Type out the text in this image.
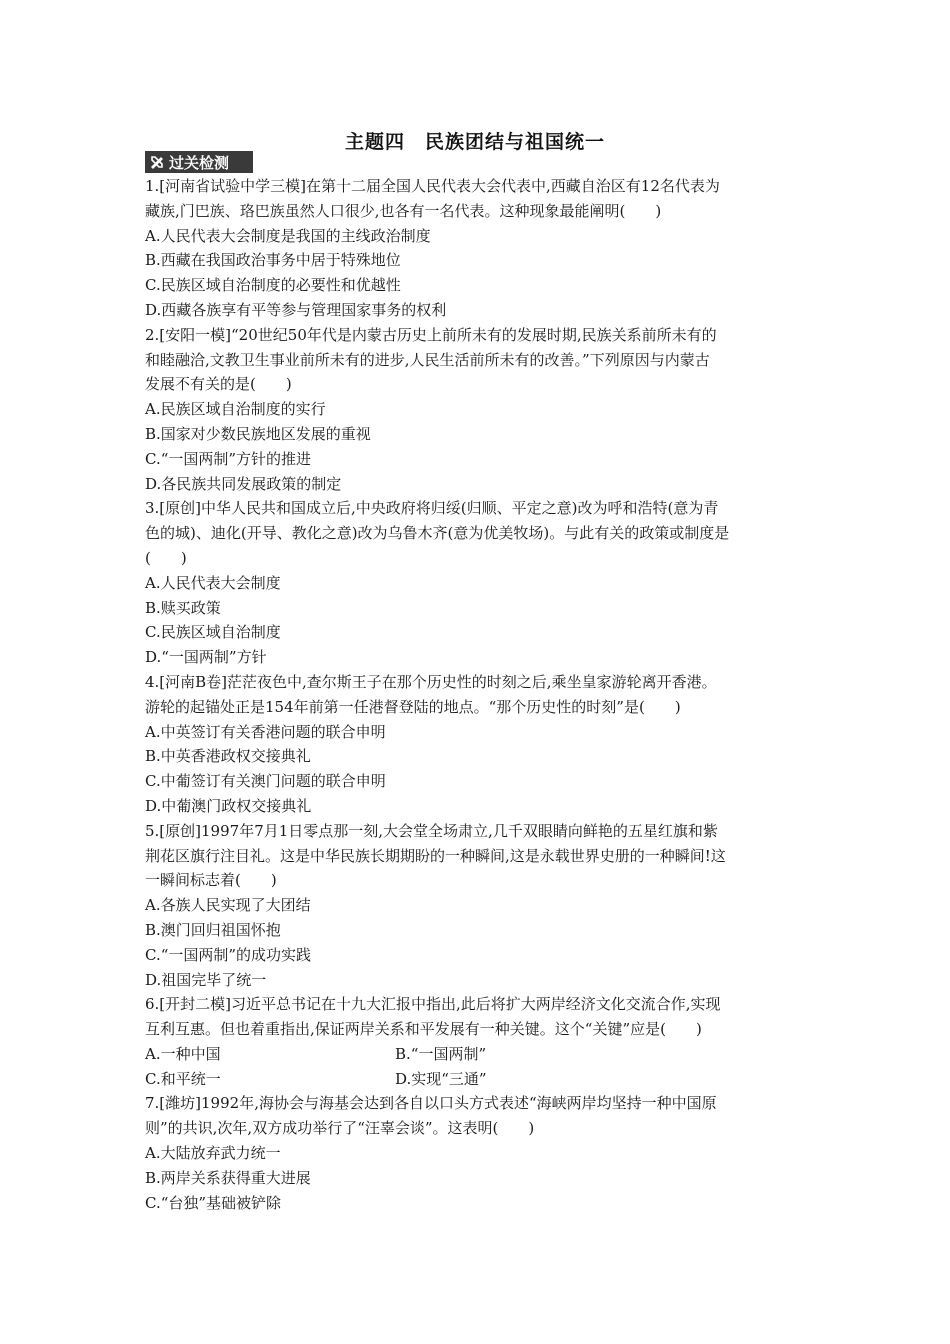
主题四　民族团结与祖国统一
过关检测
1.[河南省试验中学三模]在第十二届全国人民代表大会代表中,西藏自治区有12名代表为
藏族,门巴族、珞巴族虽然人口很少,也各有一名代表。这种现象最能阐明(　　)
A.人民代表大会制度是我国的主线政治制度
B.西藏在我国政治事务中居于特殊地位
C.民族区域自治制度的必要性和优越性
D.西藏各族享有平等参与管理国家事务的权利
2.[安阳一模]“20世纪50年代是内蒙古历史上前所未有的发展时期,民族关系前所未有的
和睦融洽,文教卫生事业前所未有的进步,人民生活前所未有的改善。”下列原因与内蒙古
发展不有关的是(　　)
A.民族区域自治制度的实行
B.国家对少数民族地区发展的重视
C.“一国两制”方针的推进
D.各民族共同发展政策的制定
3.[原创]中华人民共和国成立后,中央政府将归绥(归顺、平定之意)改为呼和浩特(意为青
色的城)、迪化(开导、教化之意)改为乌鲁木齐(意为优美牧场)。与此有关的政策或制度是
(　　)
A.人民代表大会制度
B.赎买政策
C.民族区域自治制度
D.“一国两制”方针
4.[河南B卷]茫茫夜色中,查尔斯王子在那个历史性的时刻之后,乘坐皇家游轮离开香港。
游轮的起锚处正是154年前第一任港督登陆的地点。“那个历史性的时刻”是(　　)
A.中英签订有关香港问题的联合申明
B.中英香港政权交接典礼
C.中葡签订有关澳门问题的联合申明
D.中葡澳门政权交接典礼
5.[原创]1997年7月1日零点那一刻,大会堂全场肃立,几千双眼睛向鲜艳的五星红旗和紫
荆花区旗行注目礼。这是中华民族长期期盼的一种瞬间,这是永载世界史册的一种瞬间!这
一瞬间标志着(　　)
A.各族人民实现了大团结
B.澳门回归祖国怀抱
C.“一国两制”的成功实践
D.祖国完毕了统一
6.[开封二模]习近平总书记在十九大汇报中指出,此后将扩大两岸经济文化交流合作,实现
互利互惠。但也着重指出,保证两岸关系和平发展有一种关键。这个“关键”应是(　　)
A.一种中国	B.“一国两制”
C.和平统一	D.实现“三通”
7.[潍坊]1992年,海协会与海基会达到各自以口头方式表述“海峡两岸均坚持一种中国原
则”的共识,次年,双方成功举行了“汪辜会谈”。这表明(　　)
A.大陆放弃武力统一
B.两岸关系获得重大进展
C.“台独”基础被铲除
